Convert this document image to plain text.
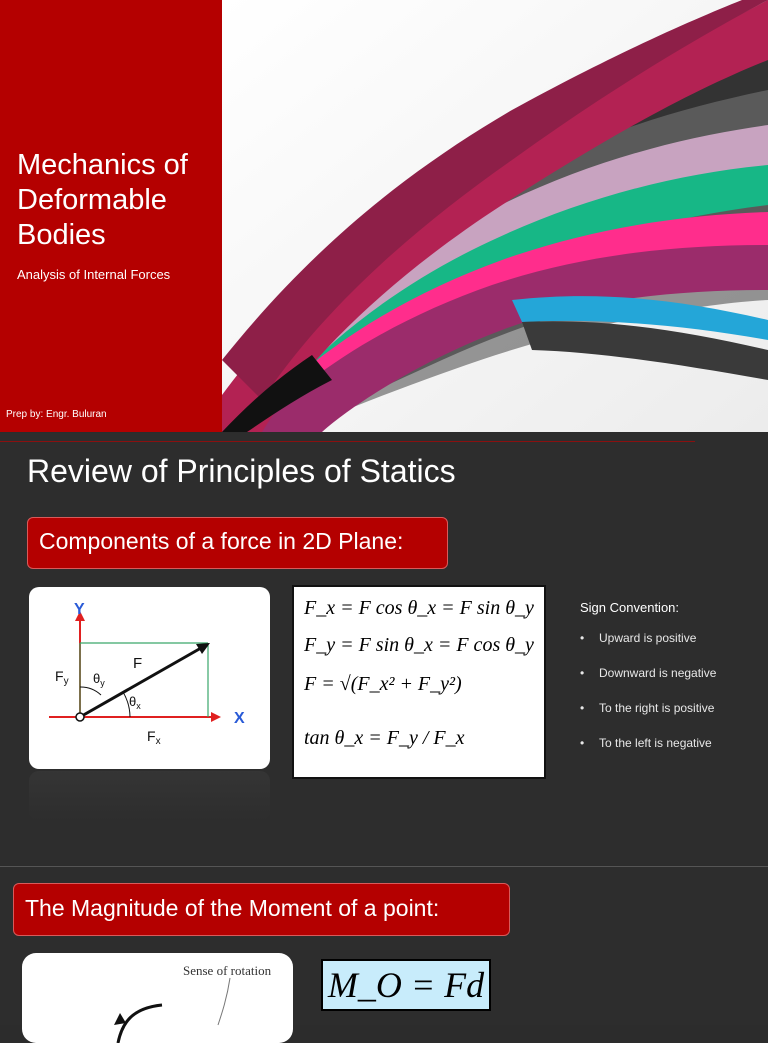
Mechanics of Deformable Bodies
Analysis of Internal Forces
Prep by: Engr. Buluran
Review of Principles of Statics
Components of a force in 2D Plane:
Y
X
F
$F_y$ $\theta_y$
$\theta_x$
$F_x$
F_x = F cos θ_x = F sin θ_y
F_y = F sin θ_x = F cos θ_y
F = √(F_x² + F_y²)
tan θ_x = F_y / F_x
Sign Convention:
• Upward is positive
• Downward is negative
• To the right is positive
• To the left is negative
The Magnitude of the Moment of a point:
Sense of rotation M_O = Fd
